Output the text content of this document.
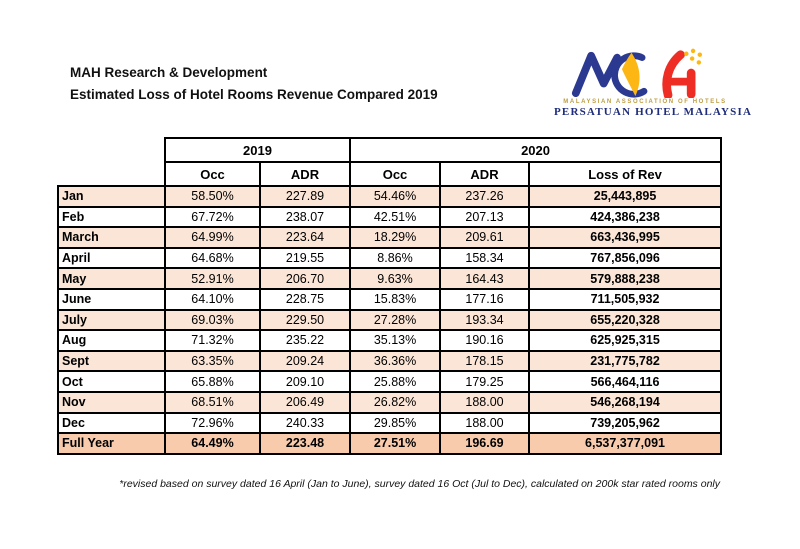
MAH Research & Development
Estimated Loss of Hotel Rooms Revenue Compared 2019	MALAYSIAN ASSOCIATION OF HOTELS
PERSATUAN HOTEL MALAYSIA
	2019		2020		
	Occ	ADR	Occ	ADR	Loss of Rev
Jan	58.50%	227.89	54.46%	237.26	25,443,895
Feb	67.72%	238.07	42.51%	207.13	424,386,238
March	64.99%	223.64	18.29%	209.61	663,436,995
April	64.68%	219.55	8.86%	158.34	767,856,096
May	52.91%	206.70	9.63%	164.43	579,888,238
June	64.10%	228.75	15.83%	177.16	711,505,932
July	69.03%	229.50	27.28%	193.34	655,220,328
Aug	71.32%	235.22	35.13%	190.16	625,925,315
Sept	63.35%	209.24	36.36%	178.15	231,775,782
Oct	65.88%	209.10	25.88%	179.25	566,464,116
Nov	68.51%	206.49	26.82%	188.00	546,268,194
Dec	72.96%	240.33	29.85%	188.00	739,205,962
Full Year	64.49%	223.48	27.51%	196.69	6,537,377,091
*revised based on survey dated 16 April (Jan to June), survey dated 16 Oct (Jul to Dec), calculated on 200k star rated rooms only
